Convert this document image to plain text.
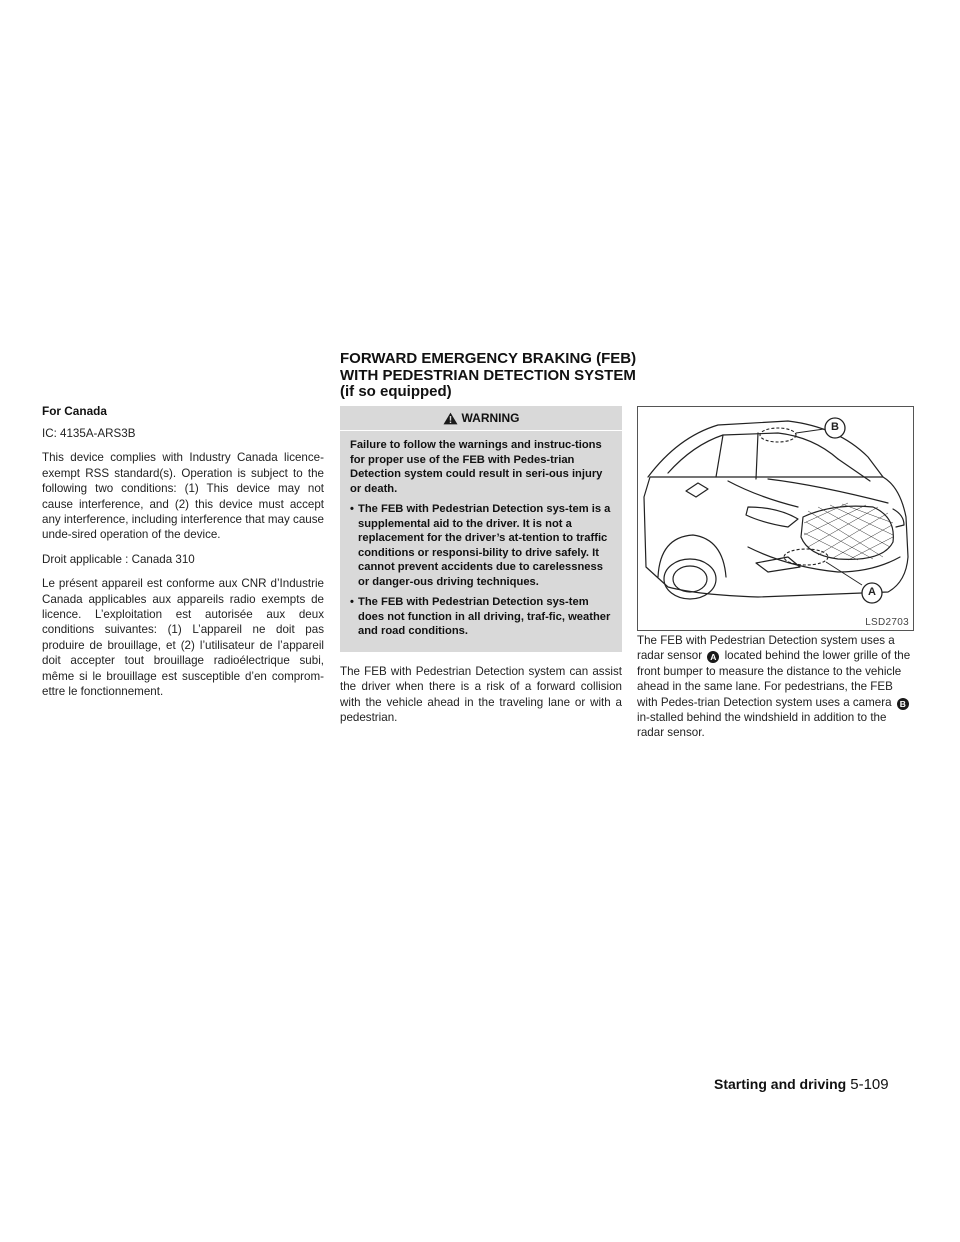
For Canada

IC: 4135A-ARS3B

This device complies with Industry Canada licence-exempt RSS standard(s). Operation is subject to the following two conditions: (1) This device may not cause interference, and (2) this device must accept any interference, including interference that may cause unde-sired operation of the device.

Droit applicable : Canada 310

Le présent appareil est conforme aux CNR d’Industrie Canada applicables aux appareils radio exempts de licence. L’exploitation est autorisée aux deux conditions suivantes: (1) L’appareil ne doit pas produire de brouillage, et (2) l’utilisateur de l’appareil doit accepter tout brouillage radioélectrique subi, même si le brouillage est susceptible d’en comprom-ettre le fonctionnement.

FORWARD EMERGENCY BRAKING (FEB) WITH PEDESTRIAN DETECTION SYSTEM (if so equipped)
WARNING

Failure to follow the warnings and instruc-tions for proper use of the FEB with Pedes-trian Detection system could result in seri-ous injury or death.

• The FEB with Pedestrian Detection sys-tem is a supplemental aid to the driver. It is not a replacement for the driver’s at-tention to traffic conditions or responsi-bility to drive safely. It cannot prevent accidents due to carelessness or danger-ous driving techniques.
• The FEB with Pedestrian Detection sys-tem does not function in all driving, traf-fic, weather and road conditions.

The FEB with Pedestrian Detection system can assist the driver when there is a risk of a forward collision with the vehicle ahead in the traveling lane or with a pedestrian.

B
A
LSD2703

The FEB with Pedestrian Detection system uses a radar sensor A located behind the lower grille of the front bumper to measure the distance to the vehicle ahead in the same lane. For pedestrians, the FEB with Pedes-trian Detection system uses a camera B in-stalled behind the windshield in addition to the radar sensor.

Starting and driving 5-109
